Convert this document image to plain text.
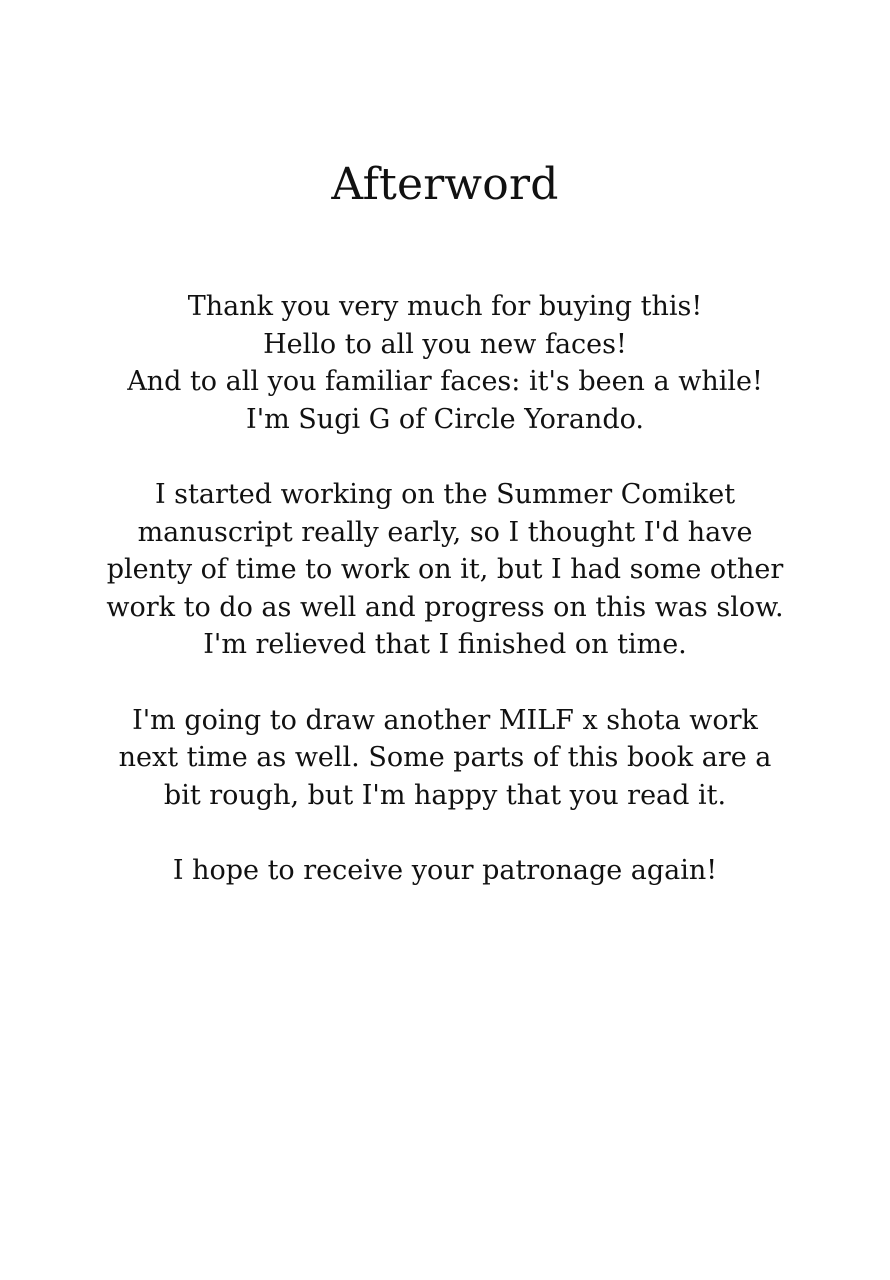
Afterword

Thank you very much for buying this!
Hello to all you new faces!
And to all you familiar faces: it's been a while!
I'm Sugi G of Circle Yorando.

I started working on the Summer Comiket
manuscript really early, so I thought I'd have
plenty of time to work on it, but I had some other
work to do as well and progress on this was slow.
I'm relieved that I finished on time.

I'm going to draw another MILF x shota work
next time as well. Some parts of this book are a
bit rough, but I'm happy that you read it.

I hope to receive your patronage again!
